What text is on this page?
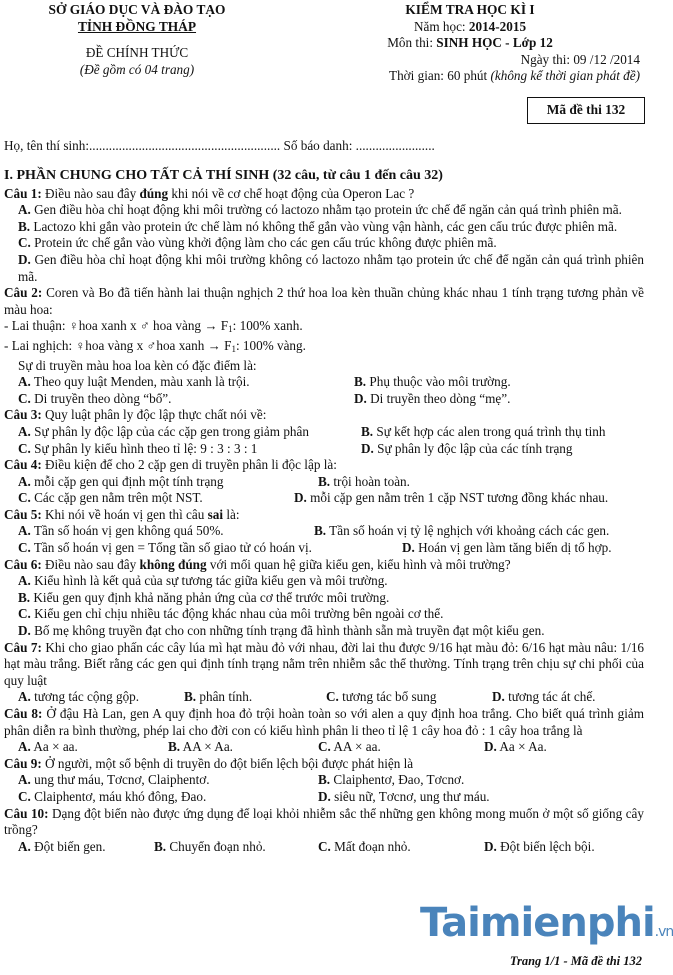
SỞ GIÁO DỤC VÀ ĐÀO TẠO
TỈNH ĐỒNG THÁP
ĐỀ CHÍNH THỨC
(Đề gồm có 04 trang)
KIỂM TRA HỌC KÌ I
Năm học: 2014-2015
Môn thi: SINH HỌC - Lớp 12
Ngày thi: 09 /12 /2014
Thời gian: 60 phút (không kể thời gian phát đề)
Mã đề thi 132
Họ, tên thí sinh:.......................................................... Số báo danh: ........................
I. PHẦN CHUNG CHO TẤT CẢ THÍ SINH (32 câu, từ câu 1 đến câu 32)
Câu 1: Điều nào sau đây đúng khi nói về cơ chế hoạt động của Operon Lac ?
A. Gen điều hòa chỉ hoạt động khi môi trường có lactozo nhằm tạo protein ức chế để ngăn cản quá trình phiên mã.
B. Lactozo khi gắn vào protein ức chế làm nó không thể gắn vào vùng vận hành, các gen cấu trúc được phiên mã.
C. Protein ức chế gắn vào vùng khởi động làm cho các gen cấu trúc không được phiên mã.
D. Gen điều hòa chỉ hoạt động khi môi trường không có lactozo nhằm tạo protein ức chế để ngăn cản quá trình phiên mã.
Câu 2: Coren và Bo đã tiến hành lai thuận nghịch 2 thứ hoa loa kèn thuần chủng khác nhau 1 tính trạng tương phản về màu hoa:
- Lai thuận: ♀hoa xanh x ♂ hoa vàng → $F_1$: 100% xanh.
- Lai nghịch: ♀hoa vàng x ♂hoa xanh → $F_1$: 100% vàng.
Sự di truyền màu hoa loa kèn có đặc điểm là:
A. Theo quy luật Menden, màu xanh là trội.	B. Phụ thuộc vào môi trường.
C. Di truyền theo dòng “bố”.	D. Di truyền theo dòng “mẹ”.
Câu 3: Quy luật phân ly độc lập thực chất nói về:
A. Sự phân ly độc lập của các cặp gen trong giảm phân	B. Sự kết hợp các alen trong quá trình thụ tinh
C. Sự phân ly kiểu hình theo tỉ lệ: 9 : 3 : 3 : 1	D. Sự phân ly độc lập của các tính trạng
Câu 4: Điều kiện để cho 2 cặp gen di truyền phân li độc lập là:
A. mỗi cặp gen qui định một tính trạng	B. trội hoàn toàn.
C. Các cặp gen nằm trên một NST.	D. mỗi cặp gen nằm trên 1 cặp NST tương đồng khác nhau.
Câu 5: Khi nói về hoán vị gen thì câu sai là:
A. Tần số hoán vị gen không quá 50%.	B. Tần số hoán vị tỷ lệ nghịch với khoảng cách các gen.
C. Tần số hoán vị gen = Tổng tần số giao tử có hoán vị.	D. Hoán vị gen làm tăng biến dị tổ hợp.
Câu 6: Điều nào sau đây không đúng với mối quan hệ giữa kiểu gen, kiểu hình và môi trường?
A. Kiểu hình là kết quả của sự tương tác giữa kiểu gen và môi trường.
B. Kiểu gen quy định khả năng phản ứng của cơ thể trước môi trường.
C. Kiểu gen chỉ chịu nhiều tác động khác nhau của môi trường bên ngoài cơ thể.
D. Bố mẹ không truyền đạt cho con những tính trạng đã hình thành sẵn mà truyền đạt một kiểu gen.
Câu 7: Khi cho giao phấn các cây lúa mì hạt màu đỏ với nhau, đời lai thu được 9/16 hạt màu đỏ: 6/16 hạt màu nâu: 1/16 hạt màu trắng. Biết rằng các gen qui định tính trạng nằm trên nhiễm sắc thể thường. Tính trạng trên chịu sự chi phối của quy luật
A. tương tác cộng gộp.	B. phân tính.	C. tương tác bổ sung	D. tương tác át chế.
Câu 8: Ở đậu Hà Lan, gen A quy định hoa đỏ trội hoàn toàn so với alen a quy định hoa trắng. Cho biết quá trình giảm phân diễn ra bình thường, phép lai cho đời con có kiểu hình phân li theo tỉ lệ 1 cây hoa đỏ : 1 cây hoa trắng là
A. Aa × aa.	B. AA × Aa.	C. AA × aa.	D. Aa × Aa.
Câu 9: Ở người, một số bệnh di truyền do đột biến lệch bội được phát hiện là
A. ung thư máu, Tơcnơ, Claiphentơ.	B. Claiphentơ, Đao, Tơcnơ.
C. Claiphentơ, máu khó đông, Đao.	D. siêu nữ, Tơcnơ, ung thư máu.
Câu 10: Dạng đột biến nào được ứng dụng để loại khỏi nhiễm sắc thể những gen không mong muốn ở một số giống cây trồng?
A. Đột biến gen.	B. Chuyển đoạn nhỏ.	C. Mất đoạn nhỏ.	D. Đột biến lệch bội.
Taimienphi.vn
Trang 1/1 - Mã đề thi 132
